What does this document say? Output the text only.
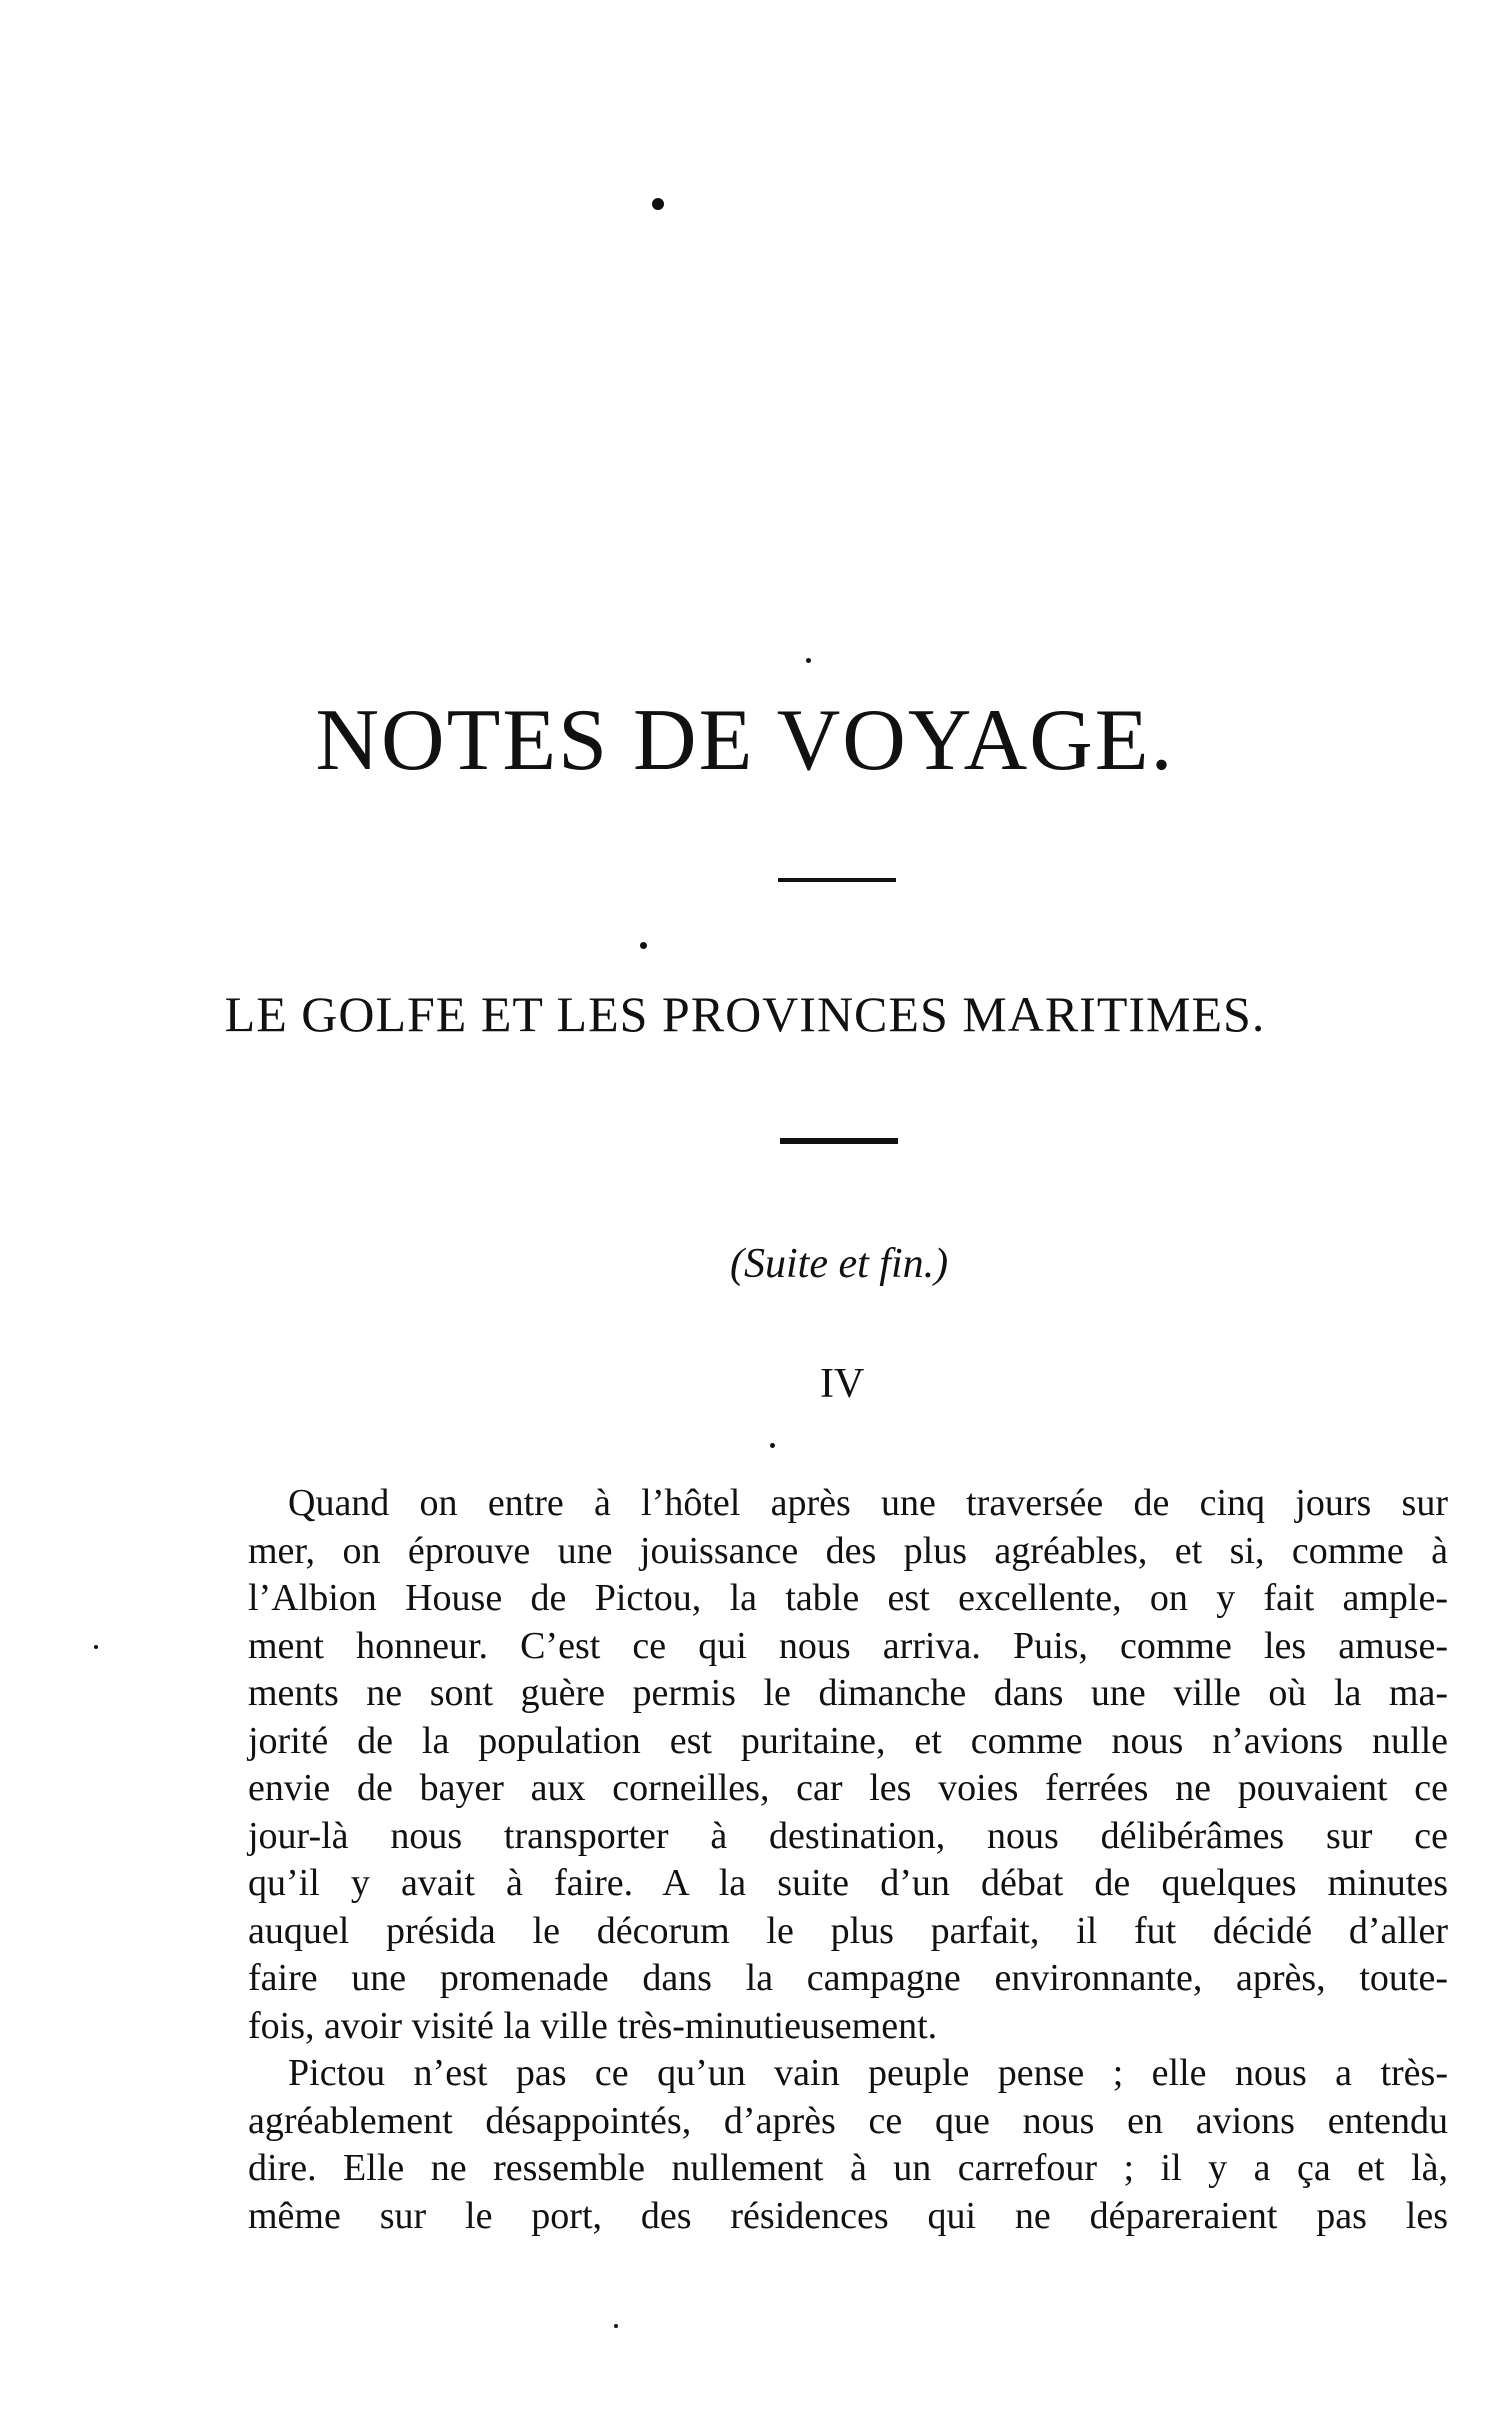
NOTES DE VOYAGE.
LE GOLFE ET LES PROVINCES MARITIMES.
(Suite et fin.)
IV
Quand on entre à l’hôtel après une traversée de cinq jours sur
mer, on éprouve une jouissance des plus agréables, et si, comme à
l’Albion House de Pictou, la table est excellente, on y fait ample-
ment honneur. C’est ce qui nous arriva. Puis, comme les amuse-
ments ne sont guère permis le dimanche dans une ville où la ma-
jorité de la population est puritaine, et comme nous n’avions nulle
envie de bayer aux corneilles, car les voies ferrées ne pouvaient ce
jour-là nous transporter à destination, nous délibérâmes sur ce
qu’il y avait à faire. A la suite d’un débat de quelques minutes
auquel présida le décorum le plus parfait, il fut décidé d’aller
faire une promenade dans la campagne environnante, après, toute-
fois, avoir visité la ville très-minutieusement.
Pictou n’est pas ce qu’un vain peuple pense ; elle nous a très-
agréablement désappointés, d’après ce que nous en avions entendu
dire. Elle ne ressemble nullement à un carrefour ; il y a ça et là,
même sur le port, des résidences qui ne dépareraient pas les
